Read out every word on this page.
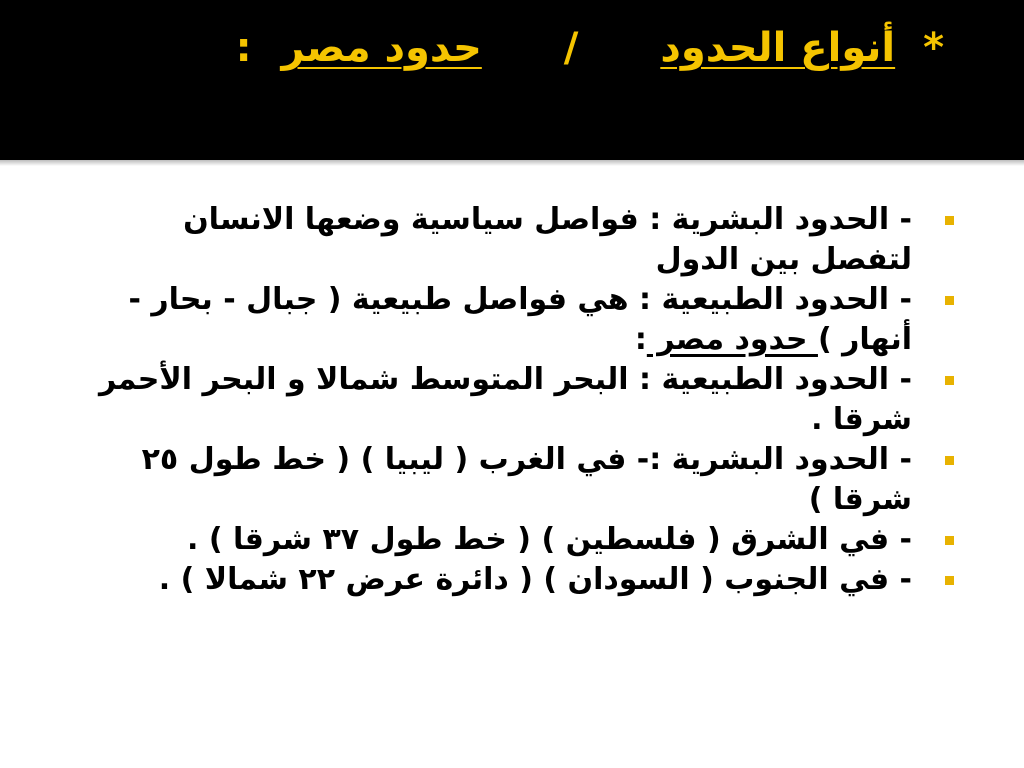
* أنواع الحدود / حدود مصر :
- الحدود البشرية : فواصل سياسية وضعها الانسان لتفصل بين الدول
- الحدود الطبيعية : هي فواصل طبيعية ( جبال - بحار - أنهار ) حدود مصر :
- الحدود الطبيعية : البحر المتوسط شمالا و البحر الأحمر شرقا .
- الحدود البشرية :- في الغرب ( ليبيا ) ( خط طول ٢٥ شرقا )
- في الشرق ( فلسطين ) ( خط طول ٣٧ شرقا ) .
- في الجنوب ( السودان ) ( دائرة عرض ٢٢ شمالا ) .
